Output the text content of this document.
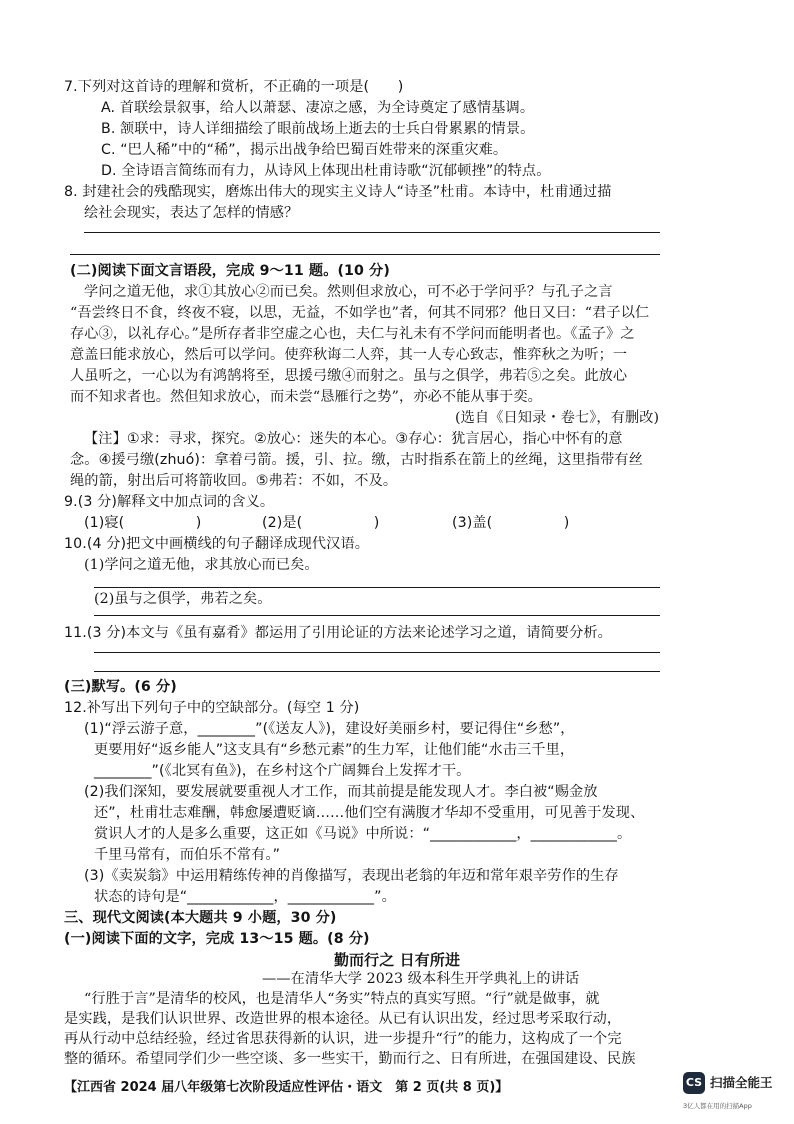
7.下列对这首诗的理解和赏析，不正确的一项是(　　)
A. 首联绘景叙事，给人以萧瑟、凄凉之感，为全诗奠定了感情基调。
B. 颔联中，诗人详细描绘了眼前战场上逝去的士兵白骨累累的情景。
C. “巴人稀”中的“稀”，揭示出战争给巴蜀百姓带来的深重灾难。
D. 全诗语言简练而有力，从诗风上体现出杜甫诗歌“沉郁顿挫”的特点。
8. 封建社会的残酷现实，磨炼出伟大的现实主义诗人“诗圣”杜甫。本诗中，杜甫通过描
绘社会现实，表达了怎样的情感？
(二)阅读下面文言语段，完成 9～11 题。(10 分)
学问之道无他，求①其放心②而已矣。然则但求放心，可不必于学问乎？与孔子之言
“吾尝终日不食，终夜不寝，以思，无益，不如学也”者，何其不同邪？他日又曰：“君子以仁
存心③，以礼存心。”是所存者非空虚之心也，夫仁与礼未有不学问而能明者也。《孟子》之
意盖曰能求放心，然后可以学问。使弈秋诲二人弈，其一人专心致志，惟弈秋之为听；一
人虽听之，一心以为有鸿鹄将至，思援弓缴④而射之。虽与之俱学，弗若⑤之矣。此放心
而不知求者也。然但知求放心，而未尝“恳雁行之势”，亦必不能从事于奕。
(选自《日知录・卷七》，有删改)
【注】①求：寻求，探究。②放心：迷失的本心。③存心：犹言居心，指心中怀有的意
念。④援弓缴(zhuó)：拿着弓箭。援，引、拉。缴，古时指系在箭上的丝绳，这里指带有丝
绳的箭，射出后可将箭收回。⑤弗若：不如，不及。
9.(3 分)解释文中加点词的含义。
(1)寝(　　　　　)	(2)是(　　　　　)	(3)盖(　　　　　)
10.(4 分)把文中画横线的句子翻译成现代汉语。
(1)学问之道无他，求其放心而已矣。
(2)虽与之俱学，弗若之矣。
11.(3 分)本文与《虽有嘉肴》都运用了引用论证的方法来论述学习之道，请简要分析。
(三)默写。(6 分)
12.补写出下列句子中的空缺部分。(每空 1 分)
(1)“浮云游子意，________”(《送友人》)，建设好美丽乡村，要记得住“乡愁”，
更要用好“返乡能人”这支具有“乡愁元素”的生力军，让他们能“水击三千里，
________”(《北冥有鱼》)，在乡村这个广阔舞台上发挥才干。
(2)我们深知，要发展就要重视人才工作，而其前提是能发现人才。李白被“赐金放
还”，杜甫壮志难酬，韩愈屡遭贬谪……他们空有满腹才华却不受重用，可见善于发现、
赏识人才的人是多么重要，这正如《马说》中所说：“____________，____________。
千里马常有，而伯乐不常有。”
(3)《卖炭翁》中运用精练传神的肖像描写，表现出老翁的年迈和常年艰辛劳作的生存
状态的诗句是“____________，____________”。
三、现代文阅读(本大题共 9 小题，30 分)
(一)阅读下面的文字，完成 13～15 题。(8 分)
勤而行之 日有所进
——在清华大学 2023 级本科生开学典礼上的讲话
“行胜于言”是清华的校风，也是清华人“务实”特点的真实写照。“行”就是做事，就
是实践，是我们认识世界、改造世界的根本途径。从已有认识出发，经过思考采取行动，
再从行动中总结经验，经过省思获得新的认识，进一步提升“行”的能力，这构成了一个完
整的循环。希望同学们少一些空谈、多一些实干，勤而行之、日有所进，在强国建设、民族
【江西省 2024 届八年级第七次阶段适应性评估・语文　第 2 页(共 8 页)】	CS 扫描全能王
3亿人都在用的扫描App
